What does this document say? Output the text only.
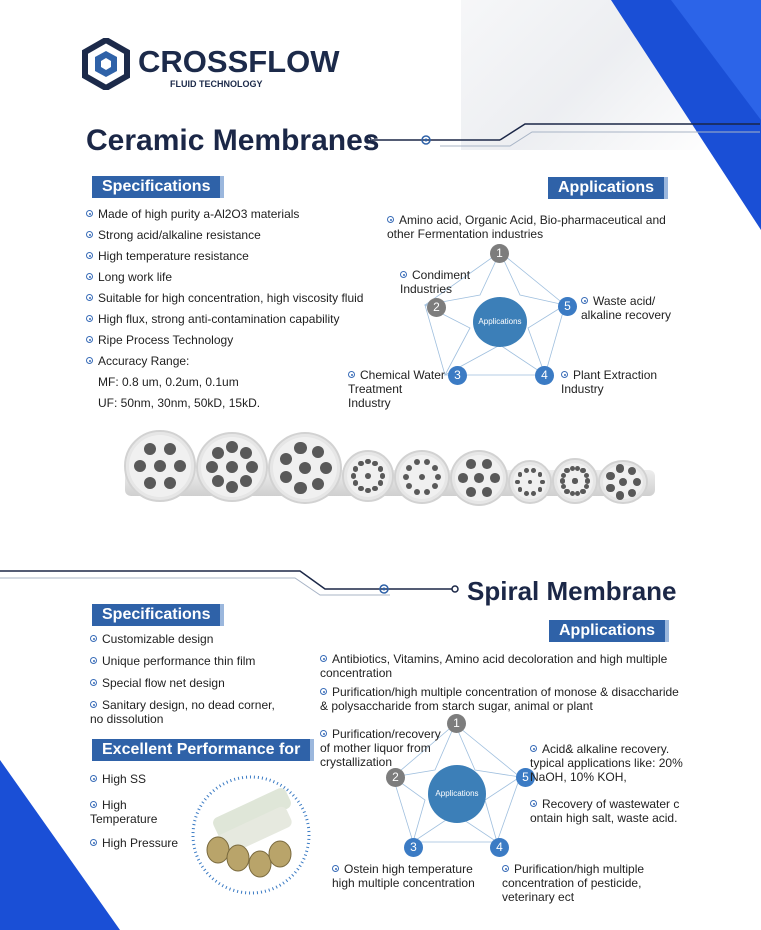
CROSSFLOW
FLUID TECHNOLOGY
Ceramic Membranes
Specifications
Made of high purity a-Al2O3 materials
Strong acid/alkaline resistance
High temperature resistance
Long work life
Suitable for high concentration, high viscosity fluid
High flux, strong anti-contamination capability
Ripe Process Technology
Accuracy Range:
MF: 0.8 um, 0.2um, 0.1um
UF: 50nm, 30nm, 50kD, 15kD.
Applications
Applications
Amino acid, Organic Acid, Bio-pharmaceutical and other Fermentation industries
1
Condiment Industries
2
Chemical Water Treatment Industry
3	4	Plant Extraction Industry
5	Waste acid/ alkaline recovery
Spiral Membrane
Specifications
Customizable design
Unique performance thin film
Special flow net design
Sanitary design, no dead corner, no dissolution
Excellent Performance for
High SS
High Temperature
High Pressure
Applications
Antibiotics, Vitamins, Amino acid decoloration and high multiple concentration
Purification/high multiple concentration of monose & disaccharide & polysaccharide from starch sugar, animal or plant
Applications
Purification/recovery of mother liquor from crystallization
1
2
3
Ostein high temperature high multiple concentration
4
Purification/high multiple concentration of pesticide, veterinary ect
5
Acid& alkaline recovery. typical applications like: 20% NaOH, 10% KOH,
Recovery of wastewater c ontain high salt, waste acid.
